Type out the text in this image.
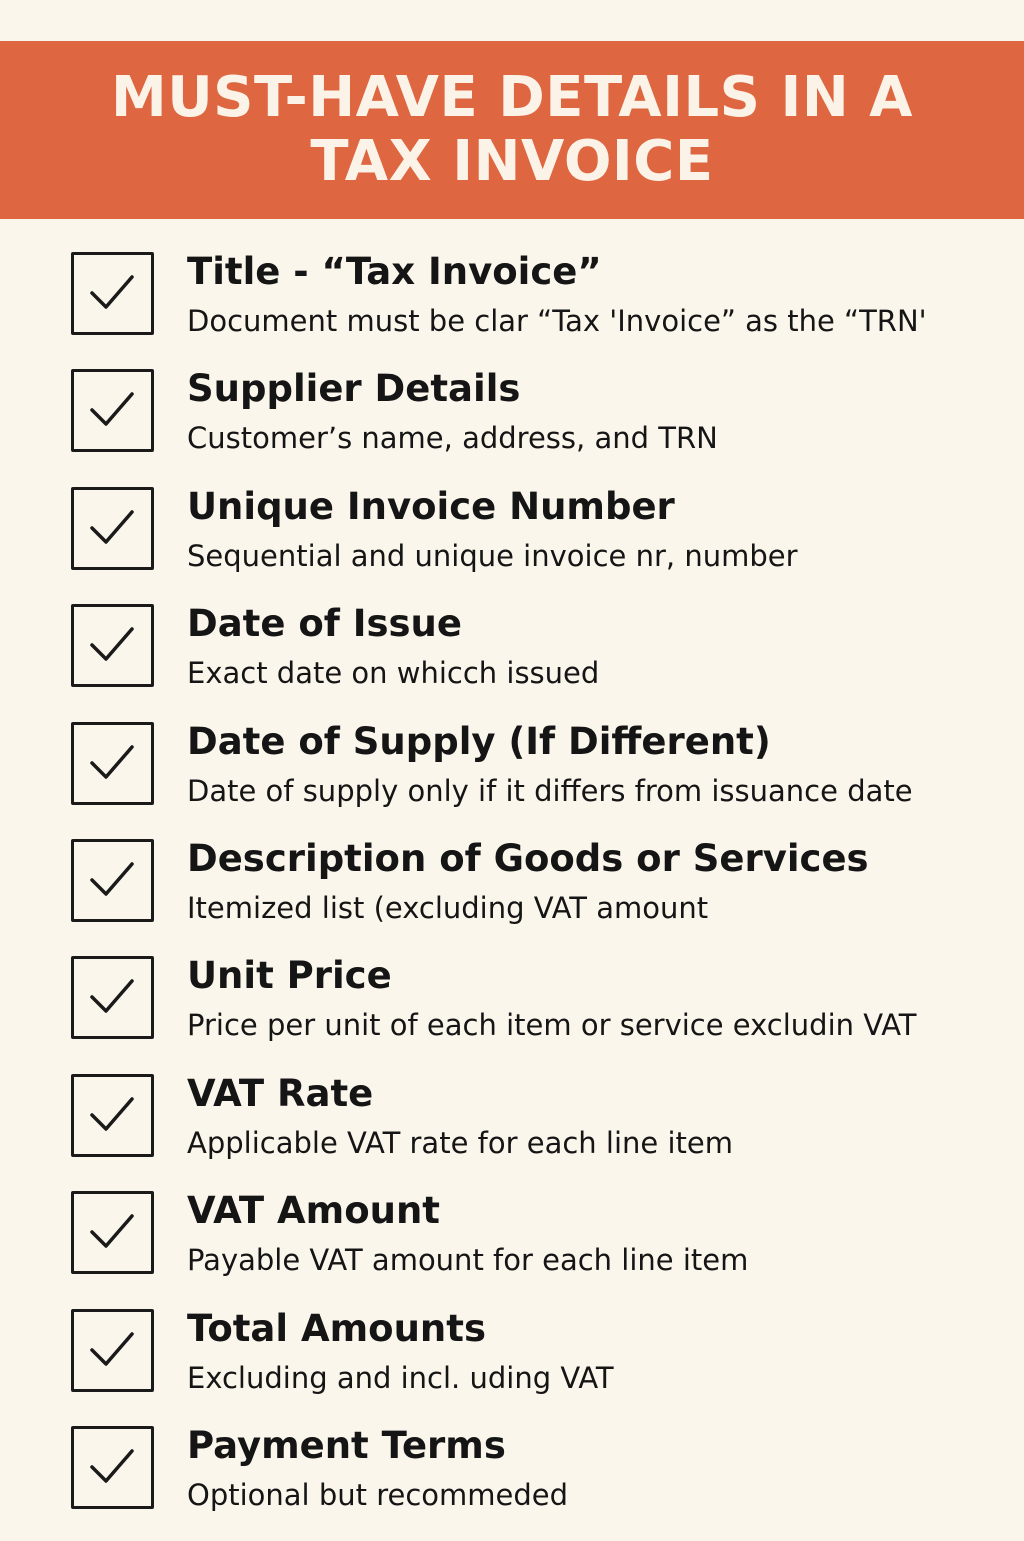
MUST-HAVE DETAILS IN A TAX INVOICE

Title - “Tax Invoice”

Document must be clar “Tax 'Invoice” as the “TRN'

Supplier Details

Customer’s name, address, and TRN

Unique Invoice Number

Sequential and unique invoice nr, number

Date of Issue

Exact date on whicch issued

Date of Supply (If Different)

Date of supply only if it differs from issuance date

Description of Goods or Services

Itemized list (excluding VAT amount

Unit Price

Price per unit of each item or service excludin VAT

VAT Rate

Applicable VAT rate for each line item

VAT Amount

Payable VAT amount for each line item

Total Amounts

Excluding and incl. uding VAT

Payment Terms

Optional but recommeded
